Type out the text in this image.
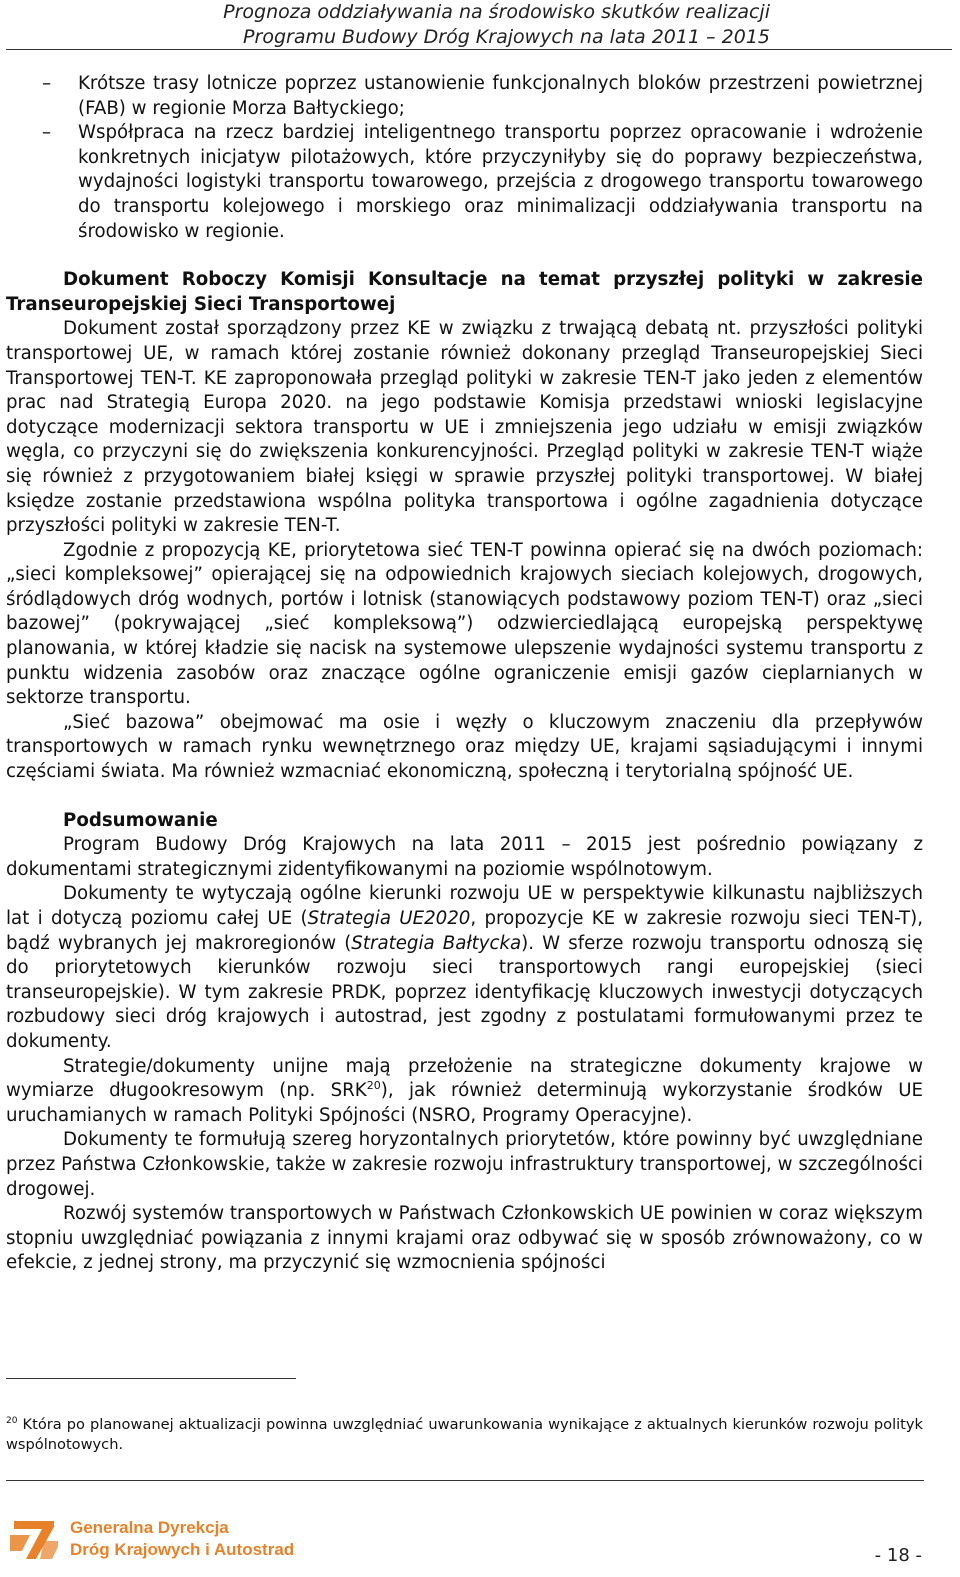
Prognoza oddziaływania na środowisko skutków realizacji
Programu Budowy Dróg Krajowych na lata 2011 – 2015
– Krótsze trasy lotnicze poprzez ustanowienie funkcjonalnych bloków przestrzeni powietrznej (FAB) w regionie Morza Bałtyckiego;
– Współpraca na rzecz bardziej inteligentnego transportu poprzez opracowanie i wdrożenie konkretnych inicjatyw pilotażowych, które przyczyniłyby się do poprawy bezpieczeństwa, wydajności logistyki transportu towarowego, przejścia z drogowego transportu towarowego do transportu kolejowego i morskiego oraz minimalizacji oddziaływania transportu na środowisko w regionie.

Dokument Roboczy Komisji Konsultacje na temat przyszłej polityki w zakresie Transeuropejskiej Sieci Transportowej

Dokument został sporządzony przez KE w związku z trwającą debatą nt. przyszłości polityki transportowej UE, w ramach której zostanie również dokonany przegląd Transeuropejskiej Sieci Transportowej TEN-T. KE zaproponowała przegląd polityki w zakresie TEN-T jako jeden z elementów prac nad Strategią Europa 2020. na jego podstawie Komisja przedstawi wnioski legislacyjne dotyczące modernizacji sektora transportu w UE i zmniejszenia jego udziału w emisji związków węgla, co przyczyni się do zwiększenia konkurencyjności. Przegląd polityki w zakresie TEN-T wiąże się również z przygotowaniem białej księgi w sprawie przyszłej polityki transportowej. W białej księdze zostanie przedstawiona wspólna polityka transportowa i ogólne zagadnienia dotyczące przyszłości polityki w zakresie TEN-T.

Zgodnie z propozycją KE, priorytetowa sieć TEN-T powinna opierać się na dwóch poziomach: „sieci kompleksowej” opierającej się na odpowiednich krajowych sieciach kolejowych, drogowych, śródlądowych dróg wodnych, portów i lotnisk (stanowiących podstawowy poziom TEN-T) oraz „sieci bazowej” (pokrywającej „sieć kompleksową”) odzwierciedlającą europejską perspektywę planowania, w której kładzie się nacisk na systemowe ulepszenie wydajności systemu transportu z punktu widzenia zasobów oraz znaczące ogólne ograniczenie emisji gazów cieplarnianych w sektorze transportu.

„Sieć bazowa” obejmować ma osie i węzły o kluczowym znaczeniu dla przepływów transportowych w ramach rynku wewnętrznego oraz między UE, krajami sąsiadującymi i innymi częściami świata. Ma również wzmacniać ekonomiczną, społeczną i terytorialną spójność UE.

Podsumowanie

Program Budowy Dróg Krajowych na lata 2011 – 2015 jest pośrednio powiązany z dokumentami strategicznymi zidentyfikowanymi na poziomie wspólnotowym.

Dokumenty te wytyczają ogólne kierunki rozwoju UE w perspektywie kilkunastu najbliższych lat i dotyczą poziomu całej UE (Strategia UE2020, propozycje KE w zakresie rozwoju sieci TEN-T), bądź wybranych jej makroregionów (Strategia Bałtycka). W sferze rozwoju transportu odnoszą się do priorytetowych kierunków rozwoju sieci transportowych rangi europejskiej (sieci transeuropejskie). W tym zakresie PRDK, poprzez identyfikację kluczowych inwestycji dotyczących rozbudowy sieci dróg krajowych i autostrad, jest zgodny z postulatami formułowanymi przez te dokumenty.

Strategie/dokumenty unijne mają przełożenie na strategiczne dokumenty krajowe w wymiarze długookresowym (np. SRK$^{20}$), jak również determinują wykorzystanie środków UE uruchamianych w ramach Polityki Spójności (NSRO, Programy Operacyjne).

Dokumenty te formułują szereg horyzontalnych priorytetów, które powinny być uwzględniane przez Państwa Członkowskie, także w zakresie rozwoju infrastruktury transportowej, w szczególności drogowej.

Rozwój systemów transportowych w Państwach Członkowskich UE powinien w coraz większym stopniu uwzględniać powiązania z innymi krajami oraz odbywać się w sposób zrównoważony, co w efekcie, z jednej strony, ma przyczynić się wzmocnienia spójności

$^{20}$ Która po planowanej aktualizacji powinna uwzględniać uwarunkowania wynikające z aktualnych kierunków rozwoju polityk wspólnotowych.
Generalna Dyrekcja
Dróg Krajowych i Autostrad	- 18 -
